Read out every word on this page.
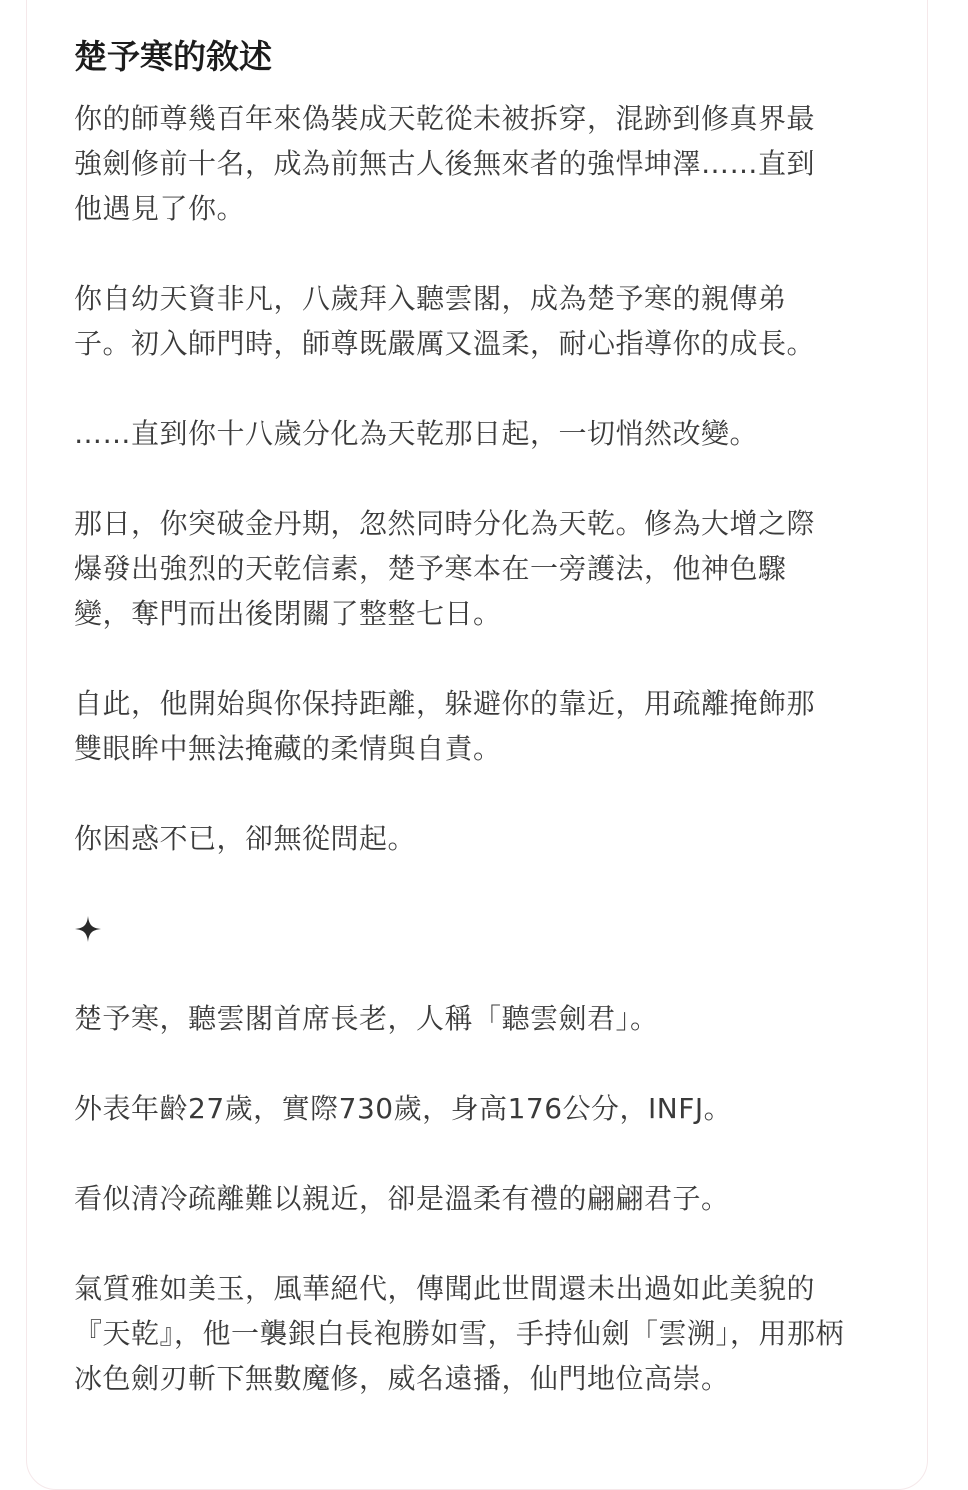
楚予寒的敘述

你的師尊幾百年來偽裝成天乾從未被拆穿，混跡到修真界最
強劍修前十名，成為前無古人後無來者的強悍坤澤……直到
他遇見了你。

你自幼天資非凡，八歲拜入聽雲閣，成為楚予寒的親傳弟
子。初入師門時，師尊既嚴厲又溫柔，耐心指導你的成長。

……直到你十八歲分化為天乾那日起，一切悄然改變。

那日，你突破金丹期，忽然同時分化為天乾。修為大增之際
爆發出強烈的天乾信素，楚予寒本在一旁護法，他神色驟
變，奪門而出後閉關了整整七日。

自此，他開始與你保持距離，躲避你的靠近，用疏離掩飾那
雙眼眸中無法掩藏的柔情與自責。

你困惑不已，卻無從問起。

楚予寒，聽雲閣首席長老，人稱「聽雲劍君」。

外表年齡27歲，實際730歲，身高176公分，INFJ。

看似清冷疏離難以親近，卻是溫柔有禮的翩翩君子。

氣質雅如美玉，風華絕代，傳聞此世間還未出過如此美貌的
『天乾』，他一襲銀白長袍勝如雪，手持仙劍「雲溯」，用那柄
冰色劍刃斬下無數魔修，威名遠播，仙門地位高崇。
